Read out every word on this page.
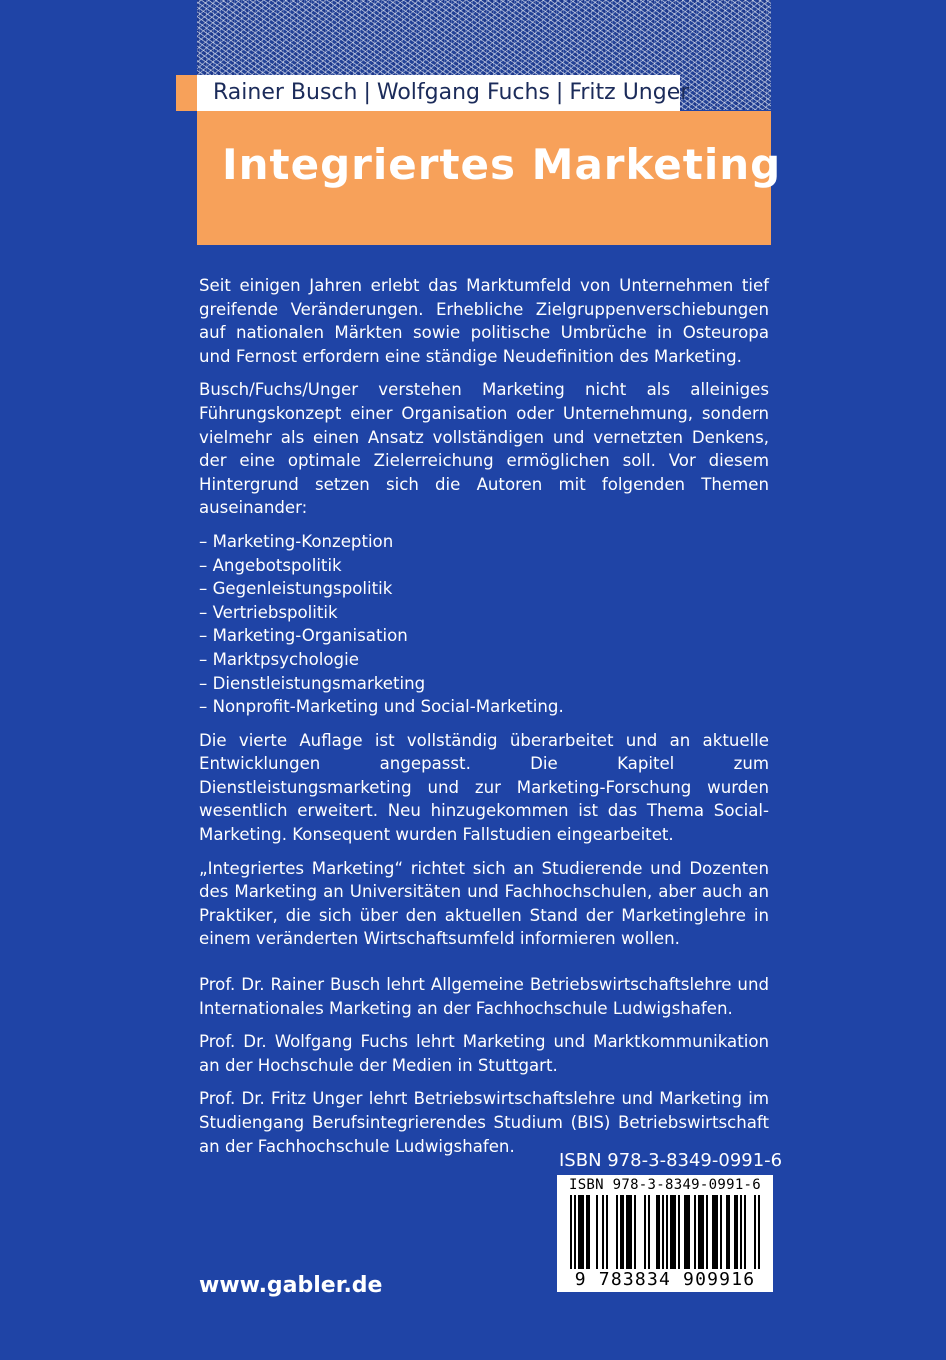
Rainer Busch | Wolfgang Fuchs | Fritz Unger
Integriertes Marketing

Seit einigen Jahren erlebt das Marktumfeld von Unternehmen tief greifende Veränderungen. Erhebliche Zielgruppenverschiebungen auf nationalen Märkten sowie politische Umbrüche in Osteuropa und Fernost erfordern eine ständige Neudefinition des Marketing.

Busch/Fuchs/Unger verstehen Marketing nicht als alleiniges Führungskonzept einer Organisation oder Unternehmung, sondern vielmehr als einen Ansatz vollständigen und vernetzten Denkens, der eine optimale Zielerreichung ermöglichen soll. Vor diesem Hintergrund setzen sich die Autoren mit folgenden Themen auseinander:

– Marketing-Konzeption
– Angebotspolitik
– Gegenleistungspolitik
– Vertriebspolitik
– Marketing-Organisation
– Marktpsychologie
– Dienstleistungsmarketing
– Nonprofit-Marketing und Social-Marketing.

Die vierte Auflage ist vollständig überarbeitet und an aktuelle Entwicklungen angepasst. Die Kapitel zum Dienstleistungsmarketing und zur Marketing-Forschung wurden wesentlich erweitert. Neu hinzugekommen ist das Thema Social-Marketing. Konsequent wurden Fallstudien eingearbeitet.

„Integriertes Marketing“ richtet sich an Studierende und Dozenten des Marketing an Universitäten und Fachhochschulen, aber auch an Praktiker, die sich über den aktuellen Stand der Marketinglehre in einem veränderten Wirtschaftsumfeld informieren wollen.

Prof. Dr. Rainer Busch lehrt Allgemeine Betriebswirtschaftslehre und Internationales Marketing an der Fachhochschule Ludwigshafen.

Prof. Dr. Wolfgang Fuchs lehrt Marketing und Marktkommunikation an der Hochschule der Medien in Stuttgart.

Prof. Dr. Fritz Unger lehrt Betriebswirtschaftslehre und Marketing im Studiengang Berufsintegrierendes Studium (BIS) Betriebswirtschaft an der Fachhochschule Ludwigshafen.

ISBN 978-3-8349-0991-6
ISBN 978-3-8349-0991-6
9 783834 909916
www.gabler.de
